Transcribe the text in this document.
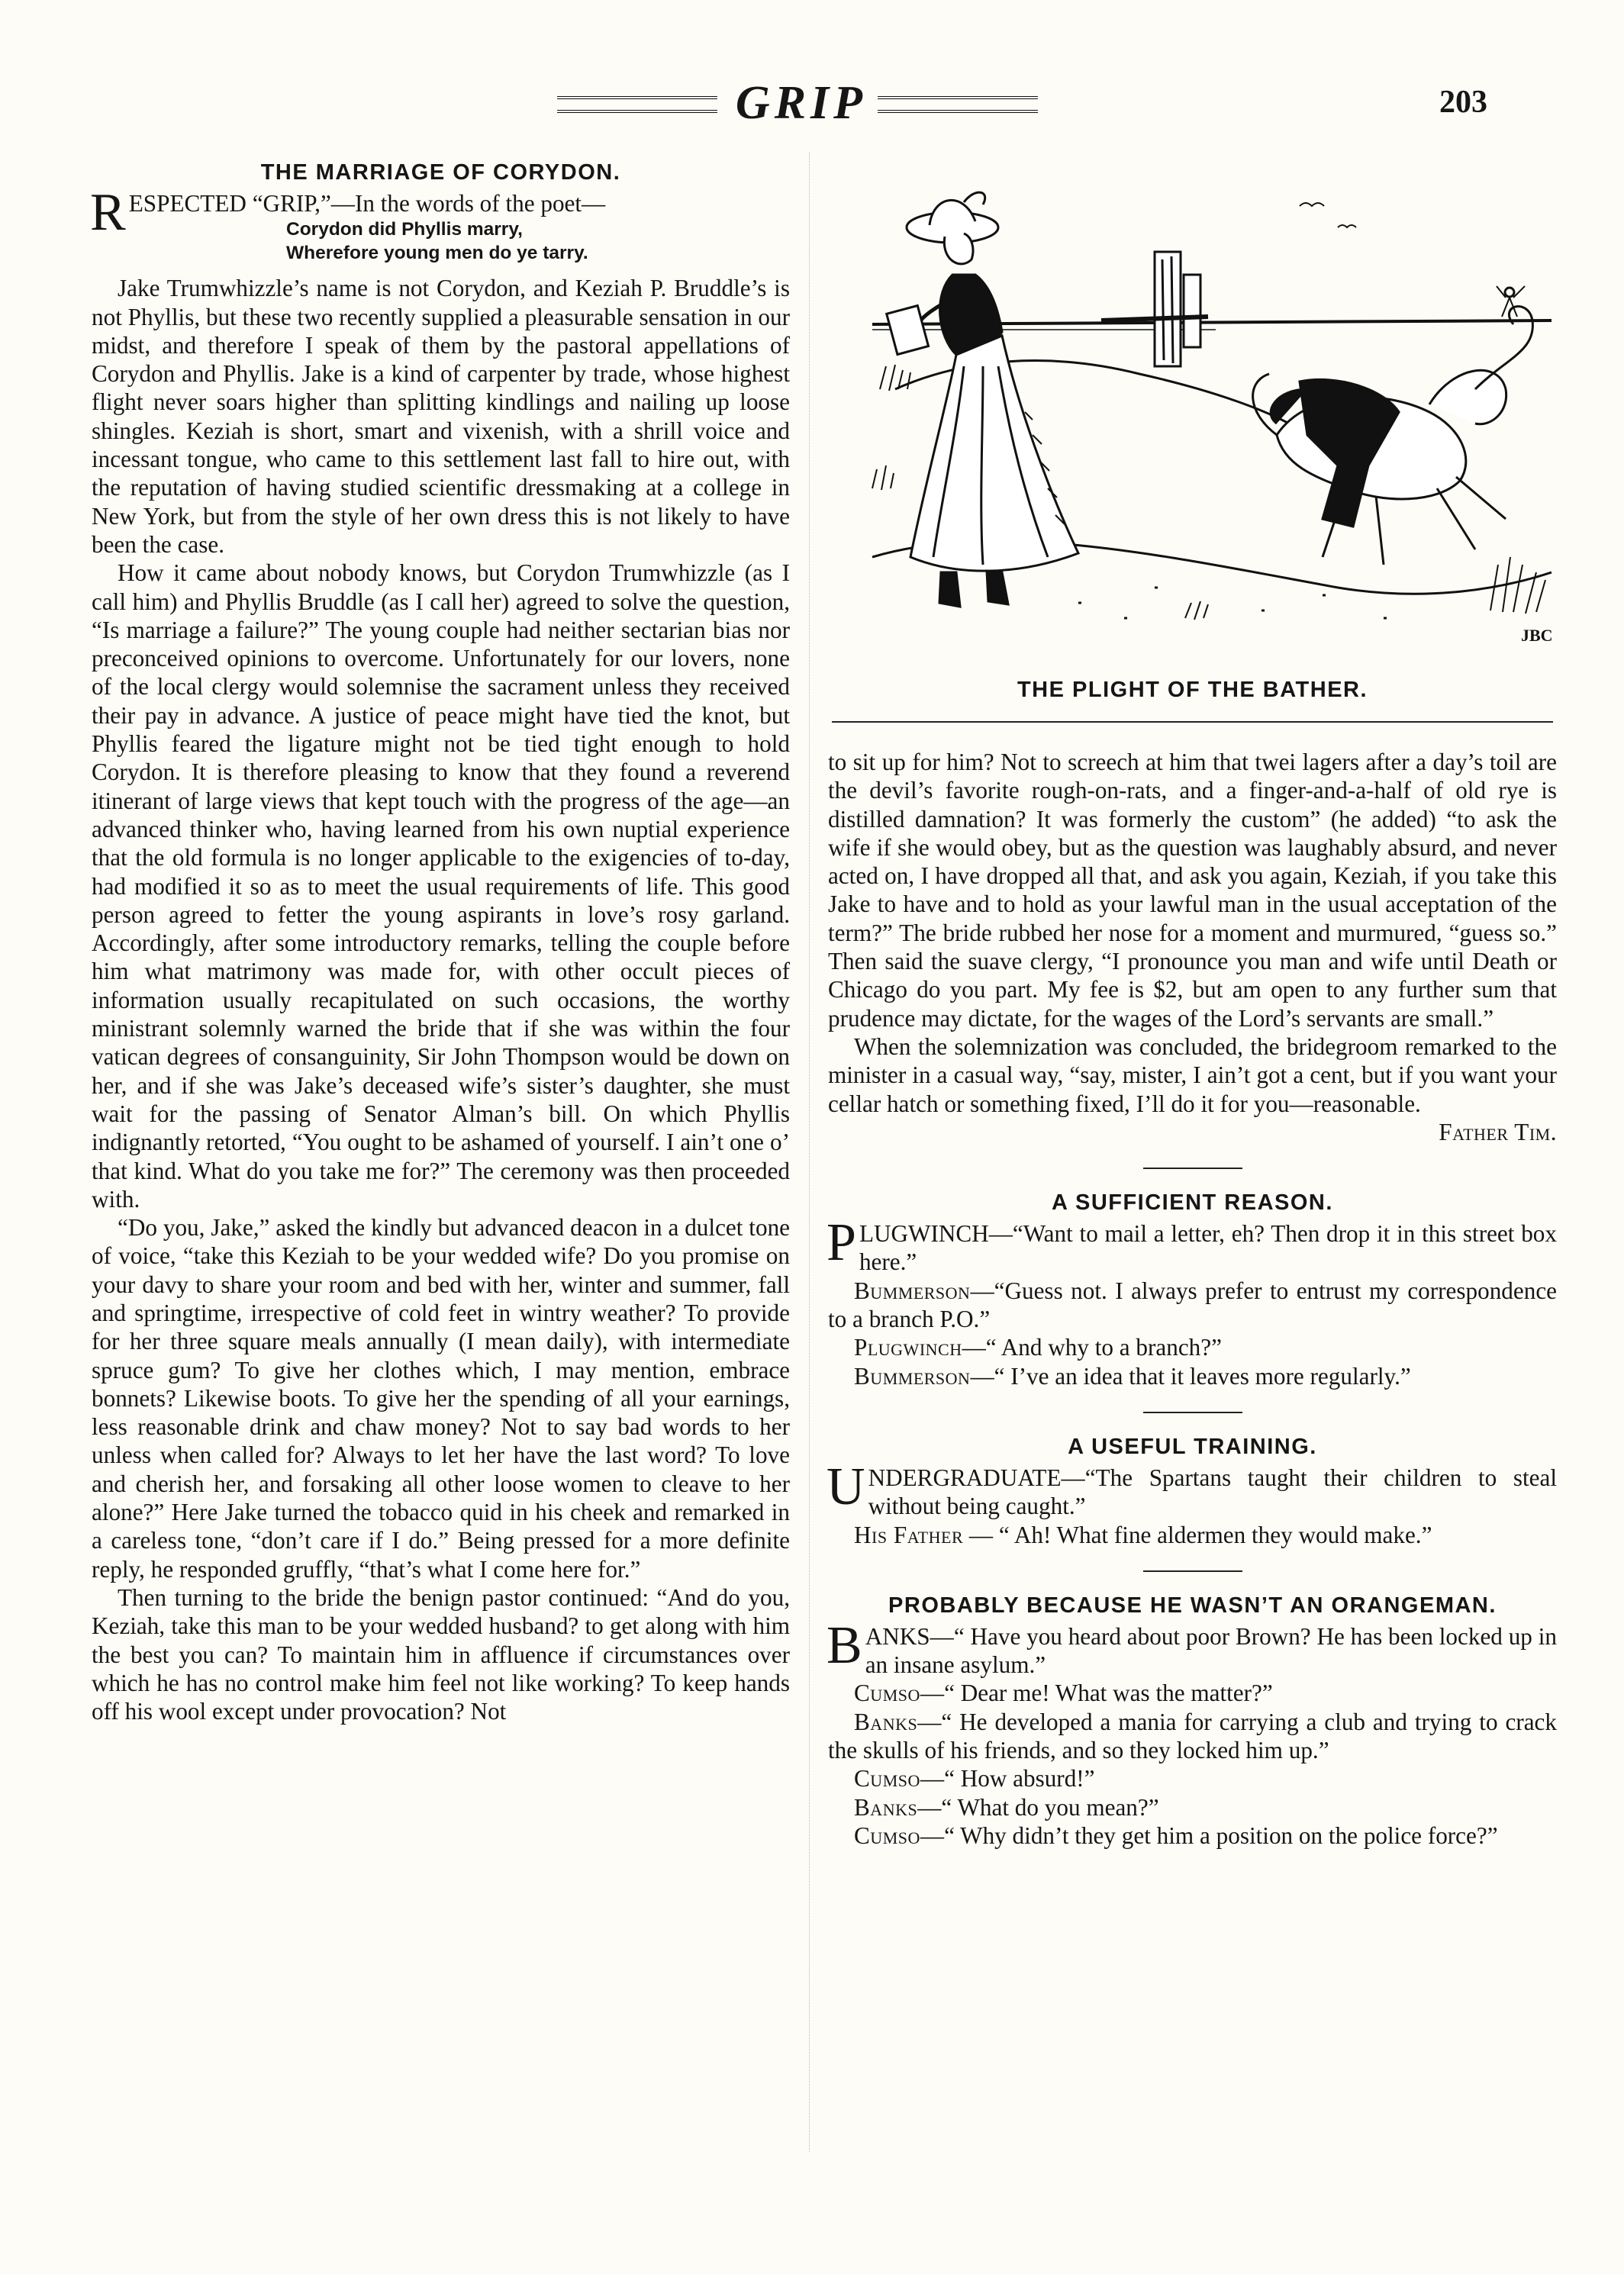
GRIP	203
THE MARRIAGE OF CORYDON.

RESPECTED “GRIP,”—In the words of the poet—

Corydon did Phyllis marry,
Wherefore young men do ye tarry.

Jake Trumwhizzle’s name is not Corydon, and Keziah P. Bruddle’s is not Phyllis, but these two recently supplied a pleasurable sensation in our midst, and therefore I speak of them by the pastoral appellations of Corydon and Phyllis. Jake is a kind of carpenter by trade, whose highest flight never soars higher than splitting kindlings and nailing up loose shingles. Keziah is short, smart and vixenish, with a shrill voice and incessant tongue, who came to this settlement last fall to hire out, with the reputation of having studied scientific dressmaking at a college in New York, but from the style of her own dress this is not likely to have been the case.

How it came about nobody knows, but Corydon Trumwhizzle (as I call him) and Phyllis Bruddle (as I call her) agreed to solve the question, “Is marriage a failure?” The young couple had neither sectarian bias nor preconceived opinions to overcome. Unfortunately for our lovers, none of the local clergy would solemnise the sacrament unless they received their pay in advance. A justice of peace might have tied the knot, but Phyllis feared the ligature might not be tied tight enough to hold Corydon. It is therefore pleasing to know that they found a reverend itinerant of large views that kept touch with the progress of the age—an advanced thinker who, having learned from his own nuptial experience that the old formula is no longer applicable to the exigencies of to-day, had modified it so as to meet the usual requirements of life. This good person agreed to fetter the young aspirants in love’s rosy garland. Accordingly, after some introductory remarks, telling the couple before him what matrimony was made for, with other occult pieces of information usually recapitulated on such occasions, the worthy ministrant solemnly warned the bride that if she was within the four vatican degrees of consanguinity, Sir John Thompson would be down on her, and if she was Jake’s deceased wife’s sister’s daughter, she must wait for the passing of Senator Alman’s bill. On which Phyllis indignantly retorted, “You ought to be ashamed of yourself. I ain’t one o’ that kind. What do you take me for?” The ceremony was then proceeded with.

“Do you, Jake,” asked the kindly but advanced deacon in a dulcet tone of voice, “take this Keziah to be your wedded wife? Do you promise on your davy to share your room and bed with her, winter and summer, fall and springtime, irrespective of cold feet in wintry weather? To provide for her three square meals annually (I mean daily), with intermediate spruce gum? To give her clothes which, I may mention, embrace bonnets? Likewise boots. To give her the spending of all your earnings, less reasonable drink and chaw money? Not to say bad words to her unless when called for? Always to let her have the last word? To love and cherish her, and forsaking all other loose women to cleave to her alone?” Here Jake turned the tobacco quid in his cheek and remarked in a careless tone, “don’t care if I do.” Being pressed for a more definite reply, he responded gruffly, “that’s what I come here for.”

Then turning to the bride the benign pastor continued: “And do you, Keziah, take this man to be your wedded husband? to get along with him the best you can? To maintain him in affluence if circumstances over which he has no control make him feel not like working? To keep hands off his wool except under provocation? Not

JBC
THE PLIGHT OF THE BATHER.

to sit up for him? Not to screech at him that twei lagers after a day’s toil are the devil’s favorite rough-on-rats, and a finger-and-a-half of old rye is distilled damnation? It was formerly the custom” (he added) “to ask the wife if she would obey, but as the question was laughably absurd, and never acted on, I have dropped all that, and ask you again, Keziah, if you take this Jake to have and to hold as your lawful man in the usual acceptation of the term?” The bride rubbed her nose for a moment and murmured, “guess so.” Then said the suave clergy, “I pronounce you man and wife until Death or Chicago do you part. My fee is $2, but am open to any further sum that prudence may dictate, for the wages of the Lord’s servants are small.”

When the solemnization was concluded, the bridegroom remarked to the minister in a casual way, “say, mister, I ain’t got a cent, but if you want your cellar hatch or something fixed, I’ll do it for you—reasonable.

Father Tim.

A SUFFICIENT REASON.

PLUGWINCH—“Want to mail a letter, eh? Then drop it in this street box here.”

Bummerson—“Guess not. I always prefer to entrust my correspondence to a branch P.O.”

Plugwinch—“ And why to a branch?”

Bummerson—“ I’ve an idea that it leaves more regularly.”

A USEFUL TRAINING.

UNDERGRADUATE—“The Spartans taught their children to steal without being caught.”

His Father — “ Ah! What fine aldermen they would make.”

PROBABLY BECAUSE HE WASN’T AN ORANGEMAN.

BANKS—“ Have you heard about poor Brown? He has been locked up in an insane asylum.”

Cumso—“ Dear me! What was the matter?”

Banks—“ He developed a mania for carrying a club and trying to crack the skulls of his friends, and so they locked him up.”

Cumso—“ How absurd!”

Banks—“ What do you mean?”

Cumso—“ Why didn’t they get him a position on the police force?”
